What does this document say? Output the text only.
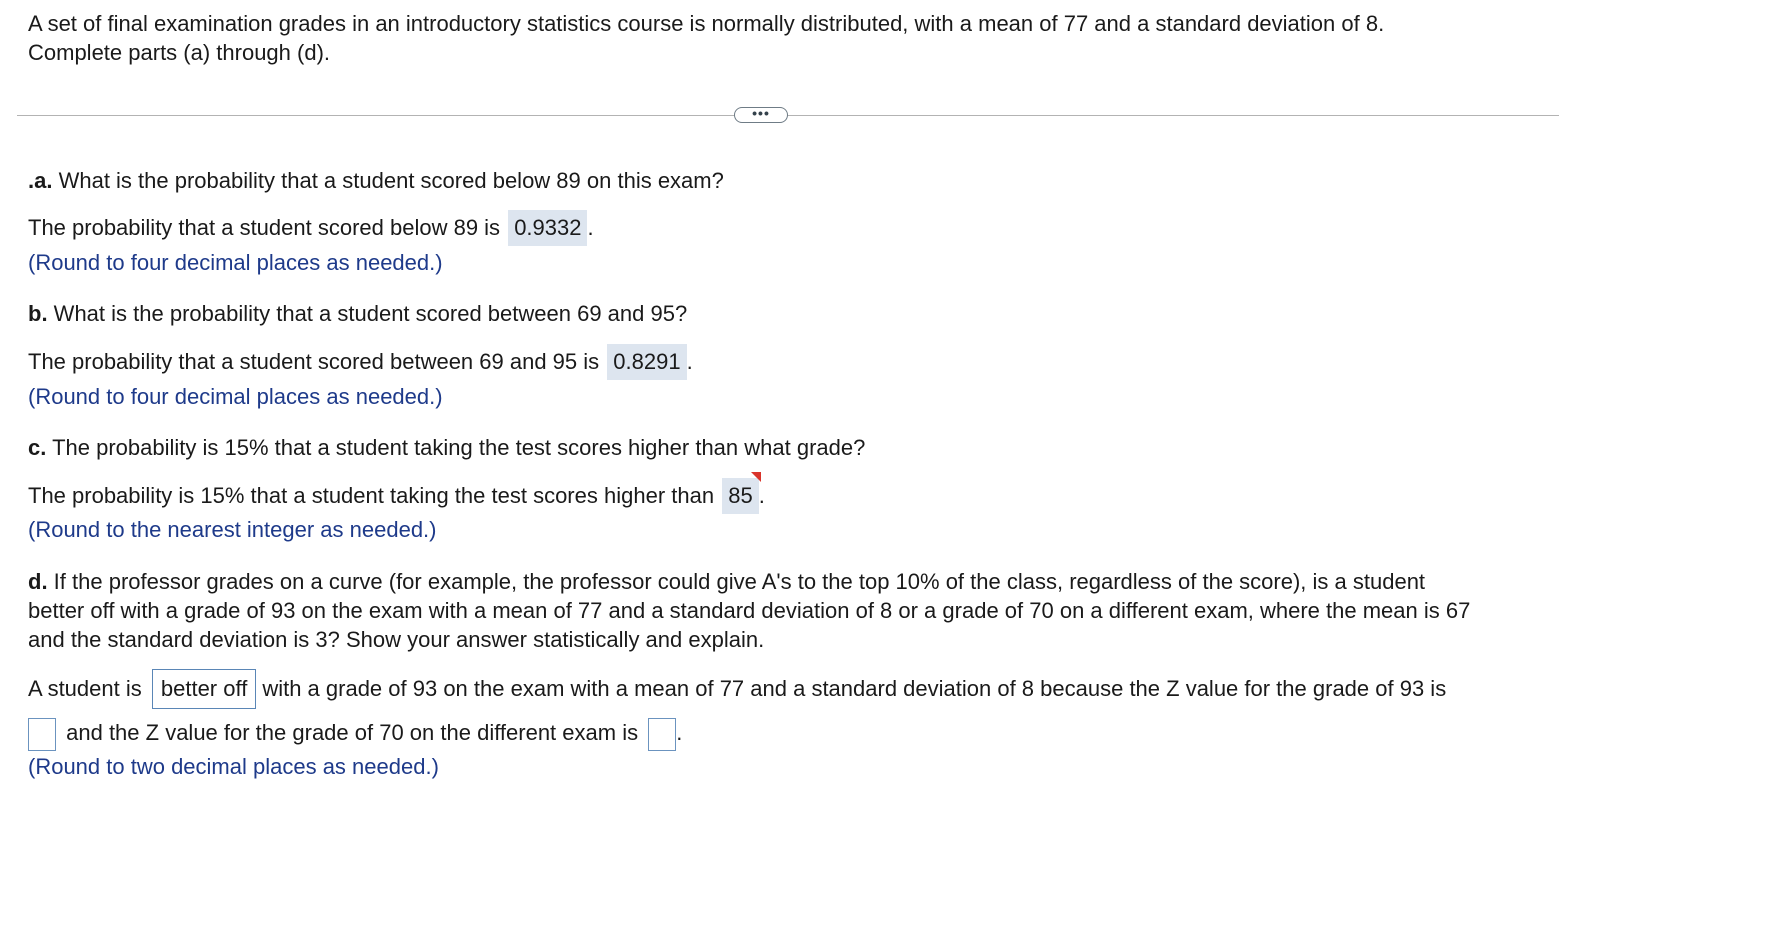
A set of final examination grades in an introductory statistics course is normally distributed, with a mean of 77 and a standard deviation of 8.
Complete parts (a) through (d).
•••
.a. What is the probability that a student scored below 89 on this exam?
The probability that a student scored below 89 is 0.9332 .
(Round to four decimal places as needed.)
b. What is the probability that a student scored between 69 and 95?
The probability that a student scored between 69 and 95 is 0.8291 .
(Round to four decimal places as needed.)
c. The probability is 15% that a student taking the test scores higher than what grade?
The probability is 15% that a student taking the test scores higher than 85 .
(Round to the nearest integer as needed.)
d. If the professor grades on a curve (for example, the professor could give A's to the top 10% of the class, regardless of the score), is a student
better off with a grade of 93 on the exam with a mean of 77 and a standard deviation of 8 or a grade of 70 on a different exam, where the mean is 67
and the standard deviation is 3? Show your answer statistically and explain.
A student is better off with a grade of 93 on the exam with a mean of 77 and a standard deviation of 8 because the Z value for the grade of 93 is
and the Z value for the grade of 70 on the different exam is .
(Round to two decimal places as needed.)
